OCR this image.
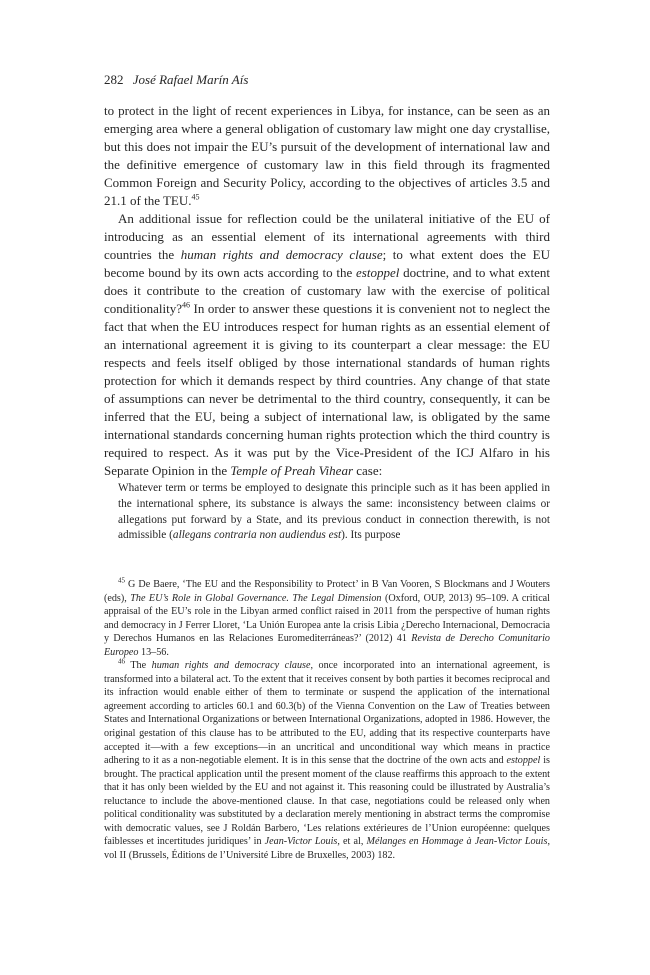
282 José Rafael Marín Aís

to protect in the light of recent experiences in Libya, for instance, can be seen as an emerging area where a general obligation of customary law might one day crystallise, but this does not impair the EU’s pursuit of the development of international law and the definitive emergence of customary law in this field through its fragmented Common Foreign and Security Policy, according to the objectives of articles 3.5 and 21.1 of the TEU.$^{45}$

An additional issue for reflection could be the unilateral initiative of the EU of introducing as an essential element of its international agreements with third countries the human rights and democracy clause; to what extent does the EU become bound by its own acts according to the estoppel doctrine, and to what extent does it contribute to the creation of customary law with the exercise of political conditionality?$^{46}$ In order to answer these questions it is convenient not to neglect the fact that when the EU introduces respect for human rights as an essential element of an international agreement it is giving to its counterpart a clear message: the EU respects and feels itself obliged by those international standards of human rights protection for which it demands respect by third countries. Any change of that state of assumptions can never be detrimental to the third country, consequently, it can be inferred that the EU, being a subject of international law, is obligated by the same international standards concerning human rights protection which the third country is required to respect. As it was put by the Vice-President of the ICJ Alfaro in his Separate Opinion in the Temple of Preah Vihear case:

Whatever term or terms be employed to designate this principle such as it has been applied in the international sphere, its substance is always the same: inconsistency between claims or allegations put forward by a State, and its previous conduct in connection therewith, is not admissible (allegans contraria non audiendus est). Its purpose

$^{45}$ G De Baere, ‘The EU and the Responsibility to Protect’ in B Van Vooren, S Blockmans and J Wouters (eds), The EU’s Role in Global Governance. The Legal Dimension (Oxford, OUP, 2013) 95–109. A critical appraisal of the EU’s role in the Libyan armed conflict raised in 2011 from the perspective of human rights and democracy in J Ferrer Lloret, ‘La Unión Europea ante la crisis Libia ¿Derecho Internacional, Democracia y Derechos Humanos en las Relaciones Euromediterráneas?’ (2012) 41 Revista de Derecho Comunitario Europeo 13–56.

$^{46}$ The human rights and democracy clause, once incorporated into an international agreement, is transformed into a bilateral act. To the extent that it receives consent by both parties it becomes reciprocal and its infraction would enable either of them to terminate or suspend the application of the international agreement according to articles 60.1 and 60.3(b) of the Vienna Convention on the Law of Treaties between States and International Organizations or between International Organizations, adopted in 1986. However, the original gestation of this clause has to be attributed to the EU, adding that its respective counterparts have accepted it—with a few exceptions—in an uncritical and unconditional way which means in practice adhering to it as a non-negotiable element. It is in this sense that the doctrine of the own acts and estoppel is brought. The practical application until the present moment of the clause reaffirms this approach to the extent that it has only been wielded by the EU and not against it. This reasoning could be illustrated by Australia’s reluctance to include the above-mentioned clause. In that case, negotiations could be released only when political conditionality was substituted by a declaration merely mentioning in abstract terms the compromise with democratic values, see J Roldán Barbero, ‘Les relations extérieures de l’Union européenne: quelques faiblesses et incertitudes juridiques’ in Jean-Victor Louis, et al, Mélanges en Hommage à Jean-Victor Louis, vol II (Brussels, Éditions de l’Université Libre de Bruxelles, 2003) 182.
